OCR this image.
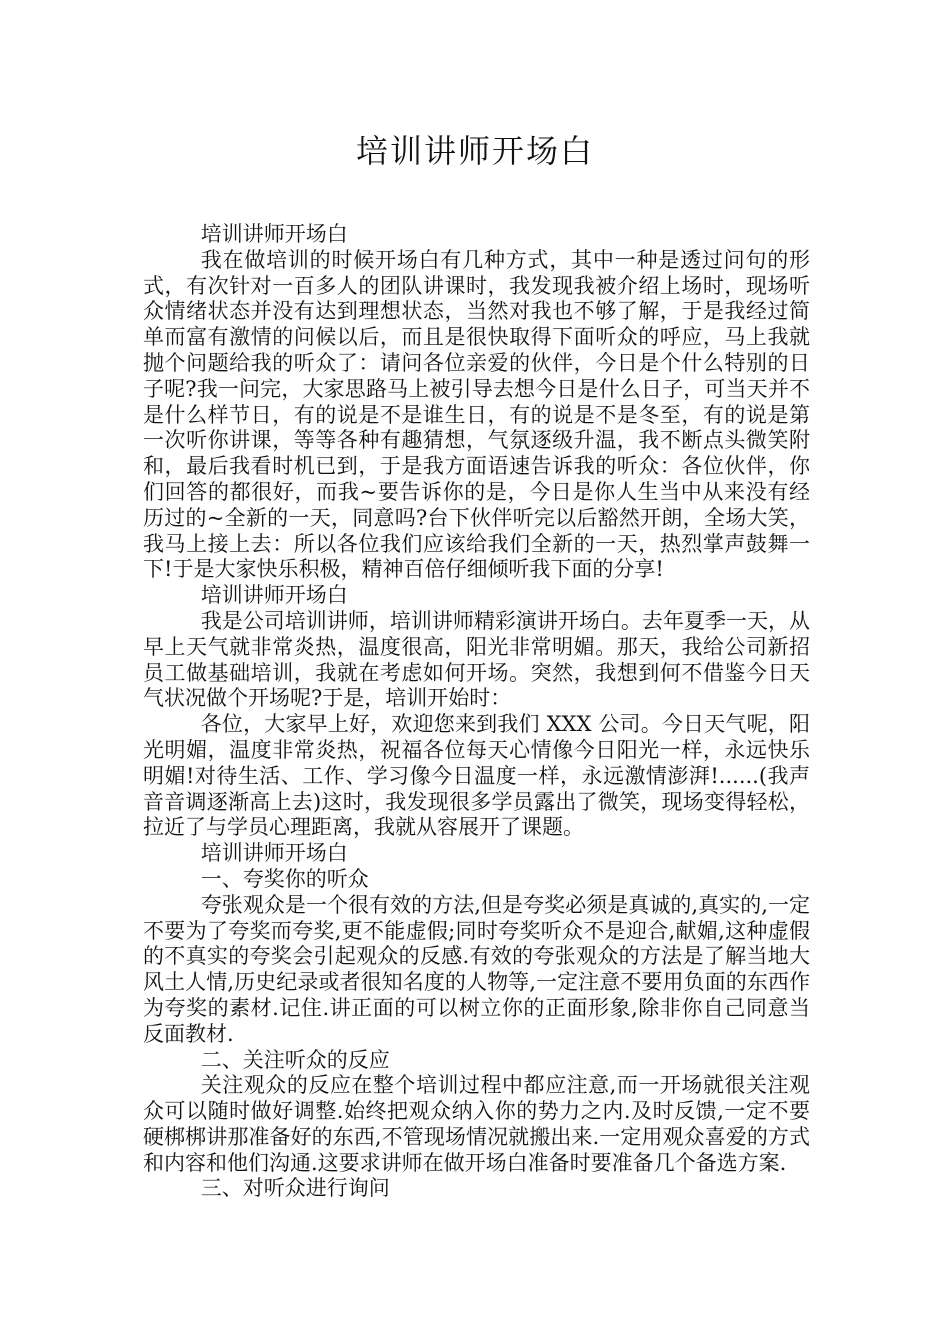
培训讲师开场白

培训讲师开场白

我在做培训的时候开场白有几种方式，其中一种是透过问句的形式，有次针对一百多人的团队讲课时，我发现我被介绍上场时，现场听众情绪状态并没有达到理想状态，当然对我也不够了解，于是我经过简单而富有激情的问候以后，而且是很快取得下面听众的呼应，马上我就抛个问题给我的听众了：请问各位亲爱的伙伴，今日是个什么特别的日子呢?我一问完，大家思路马上被引导去想今日是什么日子，可当天并不是什么样节日，有的说是不是谁生日，有的说是不是冬至，有的说是第一次听你讲课，等等各种有趣猜想，气氛逐级升温，我不断点头微笑附和，最后我看时机已到，于是我方面语速告诉我的听众：各位伙伴，你们回答的都很好，而我~要告诉你的是，今日是你人生当中从来没有经历过的~全新的一天，同意吗?台下伙伴听完以后豁然开朗，全场大笑，我马上接上去：所以各位我们应该给我们全新的一天，热烈掌声鼓舞一下!于是大家快乐积极，精神百倍仔细倾听我下面的分享!

培训讲师开场白

我是公司培训讲师，培训讲师精彩演讲开场白。去年夏季一天，从早上天气就非常炎热，温度很高，阳光非常明媚。那天，我给公司新招员工做基础培训，我就在考虑如何开场。突然，我想到何不借鉴今日天气状况做个开场呢?于是，培训开始时：

各位，大家早上好，欢迎您来到我们 XXX 公司。今日天气呢，阳光明媚，温度非常炎热，祝福各位每天心情像今日阳光一样，永远快乐明媚!对待生活、工作、学习像今日温度一样，永远激情澎湃!......(我声音音调逐渐高上去)这时，我发现很多学员露出了微笑，现场变得轻松，拉近了与学员心理距离，我就从容展开了课题。

培训讲师开场白

一、夸奖你的听众

夸张观众是一个很有效的方法,但是夸奖必须是真诚的,真实的,一定不要为了夸奖而夸奖,更不能虚假;同时夸奖听众不是迎合,献媚,这种虚假的不真实的夸奖会引起观众的反感.有效的夸张观众的方法是了解当地大风土人情,历史纪录或者很知名度的人物等,一定注意不要用负面的东西作为夸奖的素材.记住.讲正面的可以树立你的正面形象,除非你自己同意当反面教材.

二、关注听众的反应

关注观众的反应在整个培训过程中都应注意,而一开场就很关注观众可以随时做好调整.始终把观众纳入你的势力之内.及时反馈,一定不要硬梆梆讲那准备好的东西,不管现场情况就搬出来.一定用观众喜爱的方式和内容和他们沟通.这要求讲师在做开场白准备时要准备几个备选方案.

三、对听众进行询问
